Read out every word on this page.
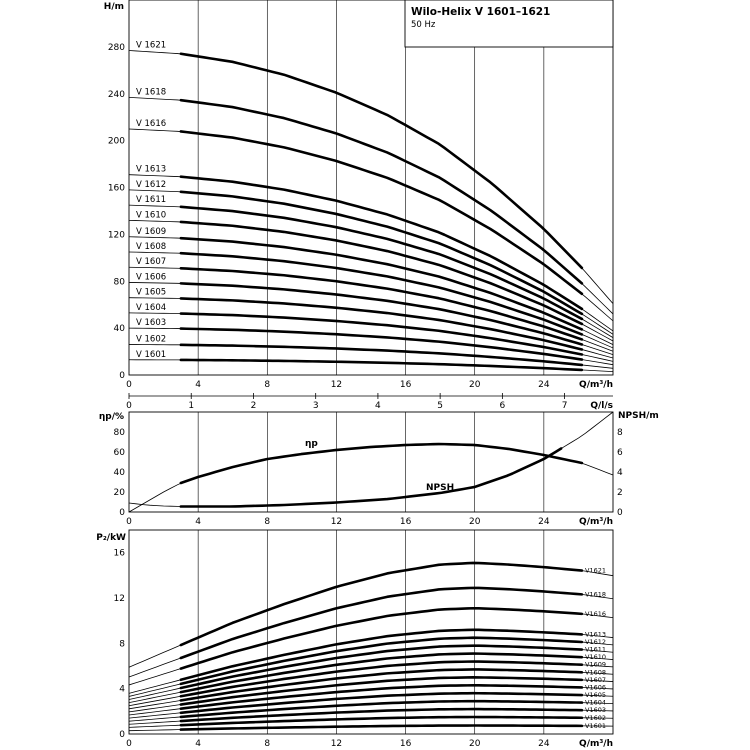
0	4	8	12	16	20	24
0
40
80
120
160
200
240
280
H/m
Q/m³/h
0	1	2	3	4	5	6	7	Q/l/s
V 1621
V 1618
V 1616
V 1613
V 1612
V 1611
V 1610
V 1609
V 1608
V 1607
V 1606
V 1605
V 1604
V 1603
V 1602
V 1601
0	4	8	12	16	20	24
0
20
40
60
80
0
2
4
6
8
ηp/%	NPSH/m
Q/m³/h
ηp
NPSH
0	4	8	12	16	20	24
0
4
8
12
16
P₂/kW
Q/m³/h
V1621
V1618
V1616
V1613
V1612
V1611
V1610
V1609
V1608
V1607
V1606
V1605
V1604
V1603
V1602
V1601
Wilo-Helix V 1601–1621
50 Hz
